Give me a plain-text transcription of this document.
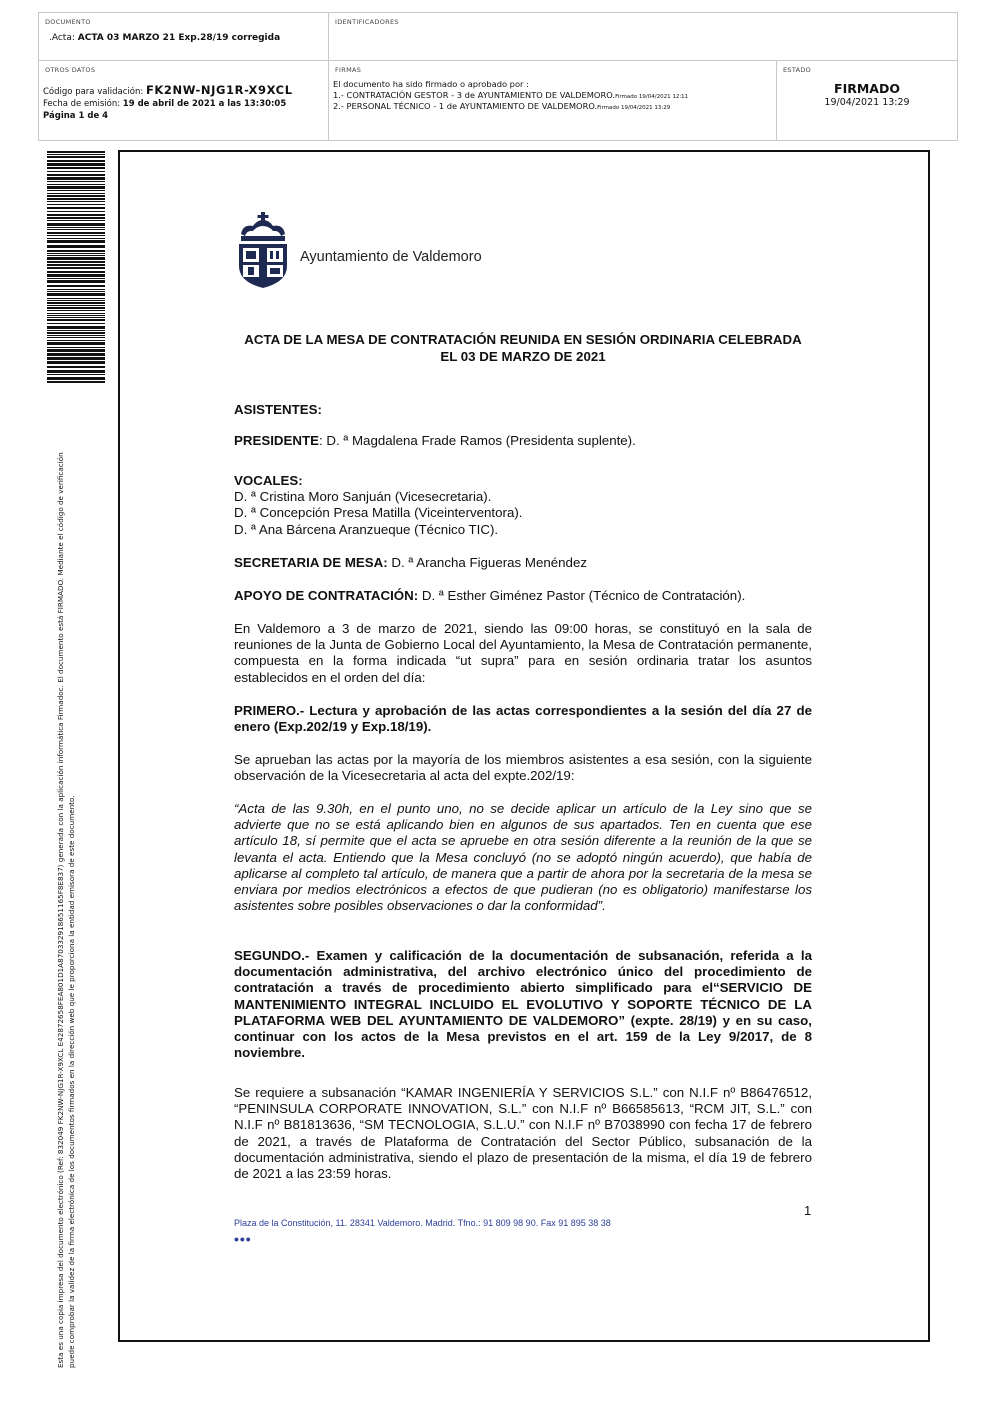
DOCUMENTO
.Acta: ACTA 03 MARZO 21 Exp.28/19 corregida
IDENTIFICADORES
OTROS DATOS
Código para validación: FK2NW-NJG1R-X9XCL
Fecha de emisión: 19 de abril de 2021 a las 13:30:05
Página 1 de 4
FIRMAS
El documento ha sido firmado o aprobado por :
1.- CONTRATACIÓN GESTOR - 3 de AYUNTAMIENTO DE VALDEMORO.Firmado 19/04/2021 12:11
2.- PERSONAL TÉCNICO - 1 de AYUNTAMIENTO DE VALDEMORO.Firmado 19/04/2021 13:29
ESTADO
FIRMADO
19/04/2021 13:29
Esta es una copia impresa del documento electrónico (Ref: 832049 FK2NW-NJG1R-X9XCL E42872658FEA801D1A870332918651165F8E837) generada con la aplicación informática Firmadoc. El documento está FIRMADO. Mediante el código de verificación puede comprobar la validez de la firma electrónica de los documentos firmados en la dirección web que le proporciona la entidad emisora de este documento.
Ayuntamiento de Valdemoro
ACTA DE LA MESA DE CONTRATACIÓN REUNIDA EN SESIÓN ORDINARIA CELEBRADA
EL 03 DE MARZO DE 2021
ASISTENTES:
PRESIDENTE: D. ª Magdalena Frade Ramos (Presidenta suplente).
VOCALES:
D. ª Cristina Moro Sanjuán (Vicesecretaria).
D. ª Concepción Presa Matilla (Viceinterventora).
D. ª Ana Bárcena Aranzueque (Técnico TIC).
SECRETARIA DE MESA: D. ª Arancha Figueras Menéndez
APOYO DE CONTRATACIÓN: D. ª Esther Giménez Pastor (Técnico de Contratación).
En Valdemoro a 3 de marzo de 2021, siendo las 09:00 horas, se constituyó en la sala de reuniones de la Junta de Gobierno Local del Ayuntamiento, la Mesa de Contratación permanente, compuesta en la forma indicada “ut supra” para en sesión ordinaria tratar los asuntos establecidos en el orden del día:
PRIMERO.- Lectura y aprobación de las actas correspondientes a la sesión del día 27 de enero (Exp.202/19 y Exp.18/19).
Se aprueban las actas por la mayoría de los miembros asistentes a esa sesión, con la siguiente observación de la Vicesecretaria al acta del expte.202/19:
“Acta de las 9.30h, en el punto uno, no se decide aplicar un artículo de la Ley sino que se advierte que no se está aplicando bien en algunos de sus apartados. Ten en cuenta que ese artículo 18, sí permite que el acta se apruebe en otra sesión diferente a la reunión de la que se levanta el acta. Entiendo que la Mesa concluyó (no se adoptó ningún acuerdo), que había de aplicarse al completo tal artículo, de manera que a partir de ahora por la secretaria de la mesa se enviara por medios electrónicos a efectos de que pudieran (no es obligatorio) manifestarse los asistentes sobre posibles observaciones o dar la conformidad”.
SEGUNDO.- Examen y calificación de la documentación de subsanación, referida a la documentación administrativa, del archivo electrónico único del procedimiento de contratación a través de procedimiento abierto simplificado para el“SERVICIO DE MANTENIMIENTO INTEGRAL INCLUIDO EL EVOLUTIVO Y SOPORTE TÉCNICO DE LA PLATAFORMA WEB DEL AYUNTAMIENTO DE VALDEMORO” (expte. 28/19) y en su caso, continuar con los actos de la Mesa previstos en el art. 159 de la Ley 9/2017, de 8 noviembre.
Se requiere a subsanación “KAMAR INGENIERÍA Y SERVICIOS S.L.” con N.I.F nº B86476512, “PENINSULA CORPORATE INNOVATION, S.L.” con N.I.F nº B66585613, “RCM JIT, S.L.” con N.I.F nº B81813636, “SM TECNOLOGIA, S.L.U.” con N.I.F nº B7038990 con fecha 17 de febrero de 2021, a través de Plataforma de Contratación del Sector Público, subsanación de la documentación administrativa, siendo el plazo de presentación de la misma, el día 19 de febrero de 2021 a las 23:59 horas.
1
Plaza de la Constitución, 11. 28341 Valdemoro. Madrid. Tfno.: 91 809 98 90. Fax 91 895 38 38
•••
